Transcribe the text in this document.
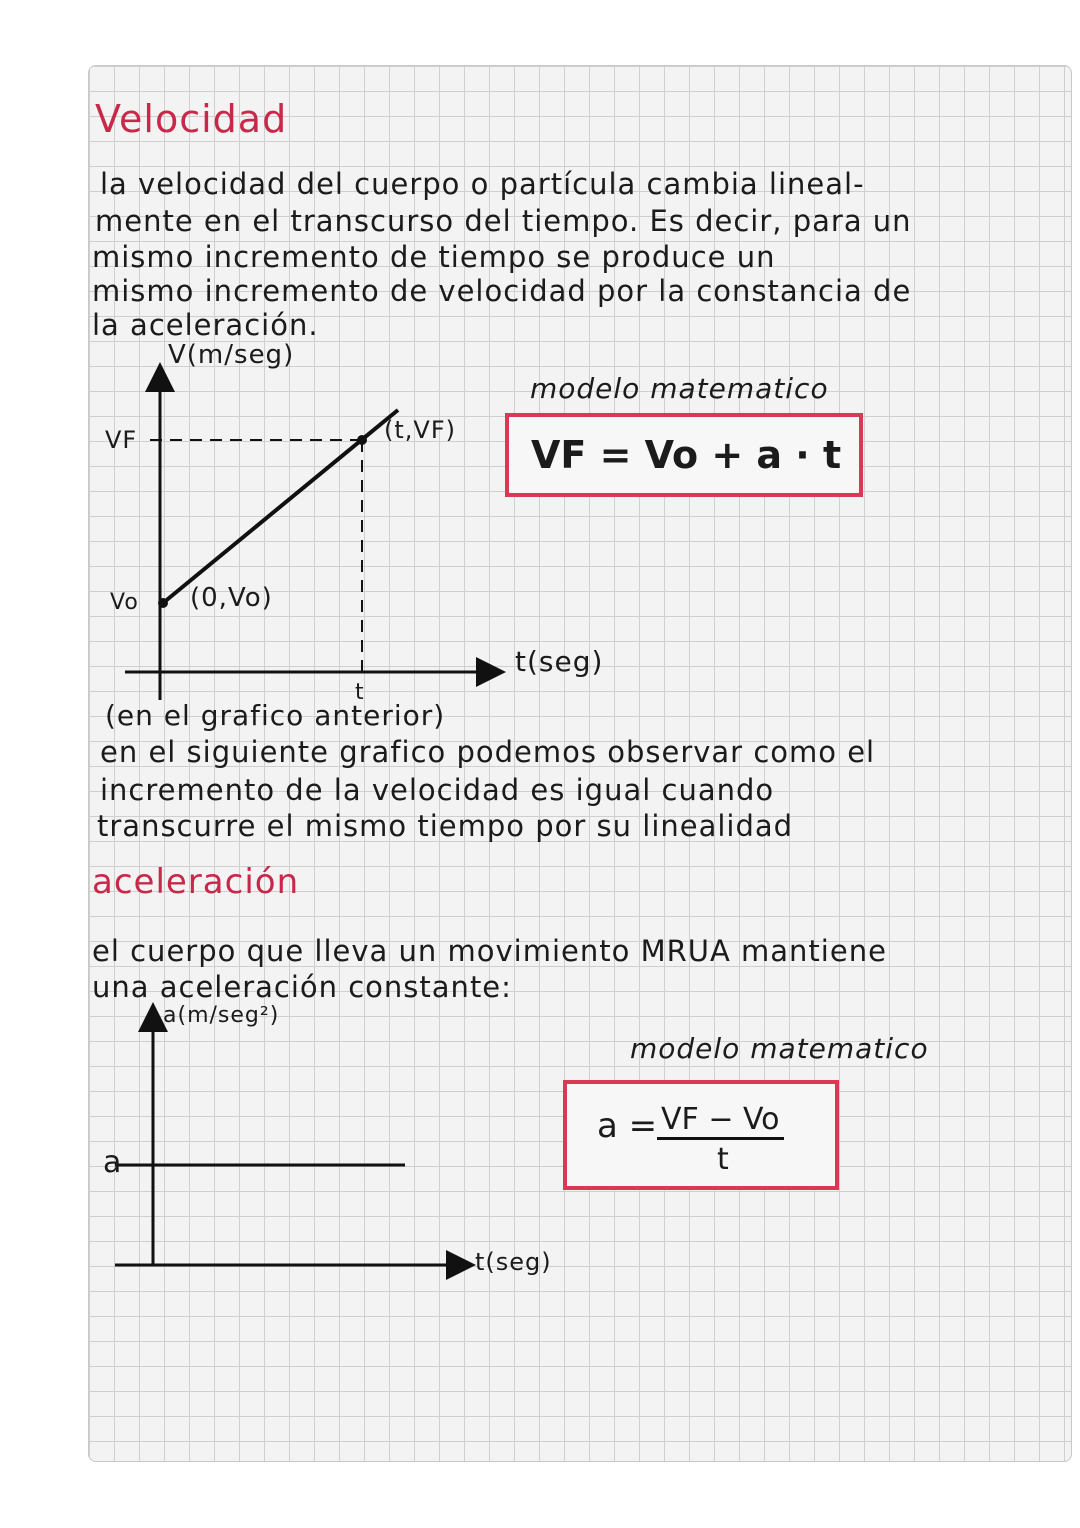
Velocidad
la velocidad del cuerpo o partícula cambia lineal-
mente en el transcurso del tiempo. Es decir, para un
mismo incremento de tiempo se produce un
mismo incremento de velocidad por la constancia de
la aceleración.
V(m/seg)
VF
Vo (0,Vo)
(t,VF)
t
t(seg)
modelo matematico
VF = Vo + a · t
(en el grafico anterior)
en el siguiente grafico podemos observar como el
incremento de la velocidad es igual cuando
transcurre el mismo tiempo por su linealidad
aceleración
el cuerpo que lleva un movimiento MRUA mantiene
una aceleración constante:
a(m/seg²)
a
t(seg)
modelo matematico
a = VF − Vo
t
